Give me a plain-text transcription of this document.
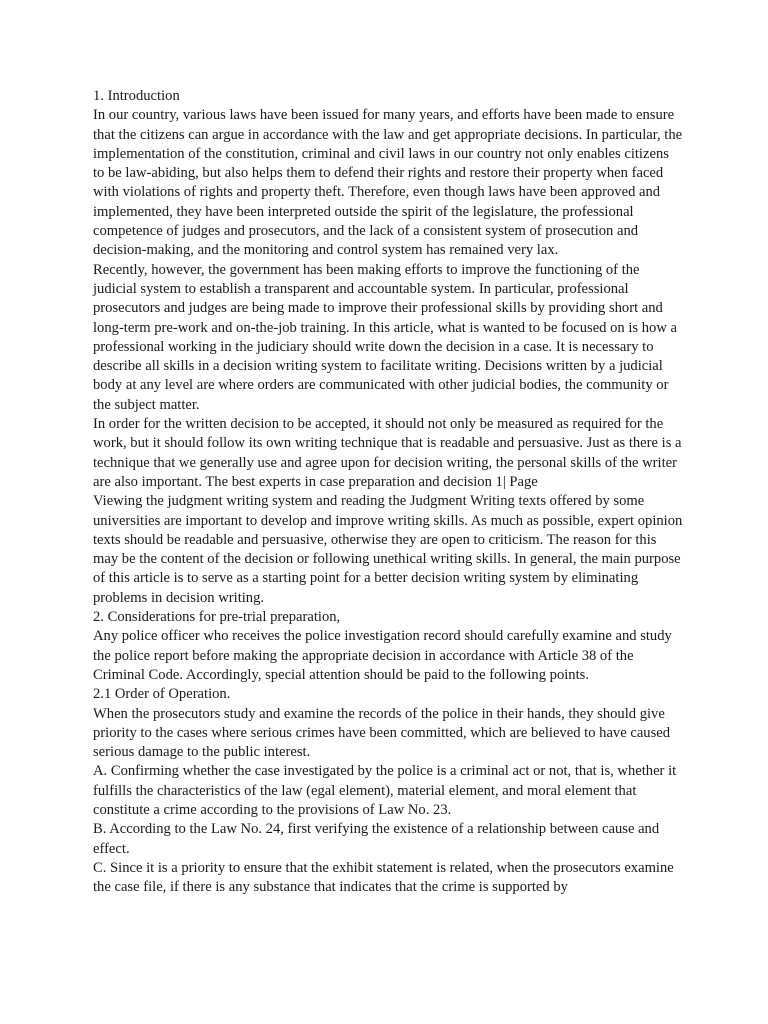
1. Introduction

In our country, various laws have been issued for many years, and efforts have been made to ensure that the citizens can argue in accordance with the law and get appropriate decisions. In particular, the implementation of the constitution, criminal and civil laws in our country not only enables citizens to be law-abiding, but also helps them to defend their rights and restore their property when faced with violations of rights and property theft. Therefore, even though laws have been approved and implemented, they have been interpreted outside the spirit of the legislature, the professional competence of judges and prosecutors, and the lack of a consistent system of prosecution and decision-making, and the monitoring and control system has remained very lax.

Recently, however, the government has been making efforts to improve the functioning of the judicial system to establish a transparent and accountable system. In particular, professional prosecutors and judges are being made to improve their professional skills by providing short and long-term pre-work and on-the-job training. In this article, what is wanted to be focused on is how a professional working in the judiciary should write down the decision in a case. It is necessary to describe all skills in a decision writing system to facilitate writing. Decisions written by a judicial body at any level are where orders are communicated with other judicial bodies, the community or the subject matter.

In order for the written decision to be accepted, it should not only be measured as required for the work, but it should follow its own writing technique that is readable and persuasive. Just as there is a technique that we generally use and agree upon for decision writing, the personal skills of the writer are also important. The best experts in case preparation and decision 1| Page

Viewing the judgment writing system and reading the Judgment Writing texts offered by some universities are important to develop and improve writing skills. As much as possible, expert opinion texts should be readable and persuasive, otherwise they are open to criticism. The reason for this may be the content of the decision or following unethical writing skills. In general, the main purpose of this article is to serve as a starting point for a better decision writing system by eliminating problems in decision writing.

2. Considerations for pre-trial preparation,

Any police officer who receives the police investigation record should carefully examine and study the police report before making the appropriate decision in accordance with Article 38 of the Criminal Code. Accordingly, special attention should be paid to the following points.

2.1 Order of Operation.

When the prosecutors study and examine the records of the police in their hands, they should give priority to the cases where serious crimes have been committed, which are believed to have caused serious damage to the public interest.

A. Confirming whether the case investigated by the police is a criminal act or not, that is, whether it fulfills the characteristics of the law (egal element), material element, and moral element that constitute a crime according to the provisions of Law No. 23.

B. According to the Law No. 24, first verifying the existence of a relationship between cause and effect.

C. Since it is a priority to ensure that the exhibit statement is related, when the prosecutors examine the case file, if there is any substance that indicates that the crime is supported by
